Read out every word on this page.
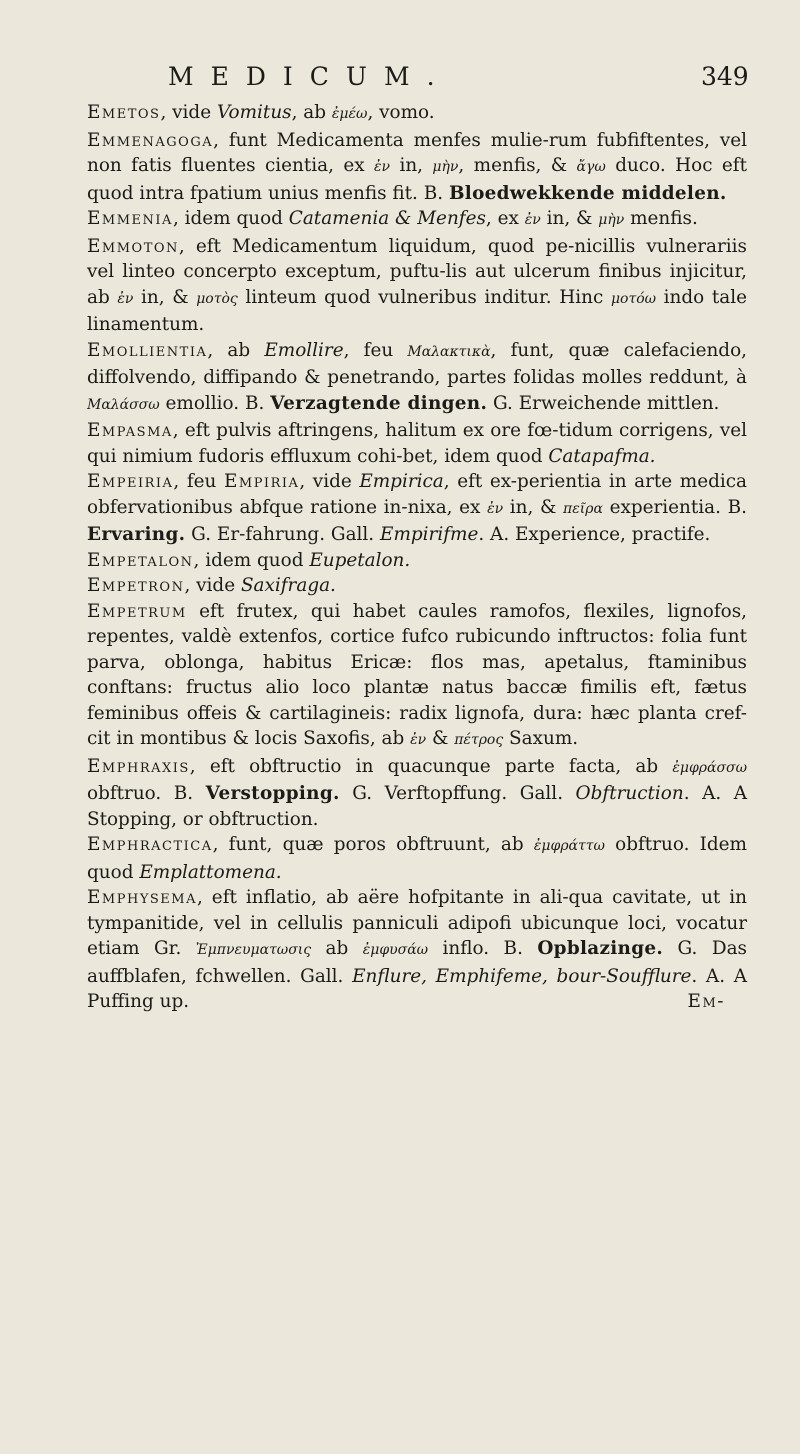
MEDICUM.	349

Emetos, vide Vomitus, ab ἐμέω, vomo.

Emmenagoga, funt Medicamenta menfes mulie-rum fubfiftentes, vel non fatis fluentes cientia, ex ἐν in, μὴν, menfis, & ἄγω duco. Hoc eft quod intra fpatium unius menfis fit. B. Bloedwekkende middelen.

Emmenia, idem quod Catamenia & Menfes, ex ἐν in, & μὴν menfis.

Emmoton, eft Medicamentum liquidum, quod pe-nicillis vulnerariis vel linteo concerpto exceptum, puftu-lis aut ulcerum finibus injicitur, ab ἐν in, & μοτὸς linteum quod vulneribus inditur. Hinc μοτόω indo tale linamentum.

Emollientia, ab Emollire, feu Μαλακτικὰ, funt, quæ calefaciendo, diffolvendo, diffipando & penetrando, partes folidas molles reddunt, à Μαλάσσω emollio. B. Verzagtende dingen. G. Erweichende mittlen.

Empasma, eft pulvis aftringens, halitum ex ore fœ-tidum corrigens, vel qui nimium fudoris effluxum cohi-bet, idem quod Catapafma.

Empeiria, feu Empiria, vide Empirica, eft ex-perientia in arte medica obfervationibus abfque ratione in-nixa, ex ἐν in, & πεῖρα experientia. B. Ervaring. G. Er-fahrung. Gall. Empirifme. A. Experience, practife.

Empetalon, idem quod Eupetalon.

Empetron, vide Saxifraga.

Empetrum eft frutex, qui habet caules ramofos, flexiles, lignofos, repentes, valdè extenfos, cortice fufco rubicundo inftructos: folia funt parva, oblonga, habitus Ericæ: flos mas, apetalus, ftaminibus conftans: fructus alio loco plantæ natus baccæ fimilis eft, fætus feminibus offeis & cartilagineis: radix lignofa, dura: hæc planta cref-cit in montibus & locis Saxofis, ab ἐν & πέτρος Saxum.

Emphraxis, eft obftructio in quacunque parte facta, ab ἐμφράσσω obftruo. B. Verstopping. G. Verftopffung. Gall. Obftruction. A. A Stopping, or obftruction.

Emphractica, funt, quæ poros obftruunt, ab ἐμφράττω obftruo. Idem quod Emplattomena.

Emphysema, eft inflatio, ab aëre hofpitante in ali-qua cavitate, ut in tympanitide, vel in cellulis panniculi adipofi ubicunque loci, vocatur etiam Gr. Ἐμπνευματωσις ab ἐμφυσάω inflo. B. Opblazinge. G. Das auffblafen, fchwellen. Gall. Enflure, Emphifeme, bour-Soufflure. A. A Puffing up.	Em-
